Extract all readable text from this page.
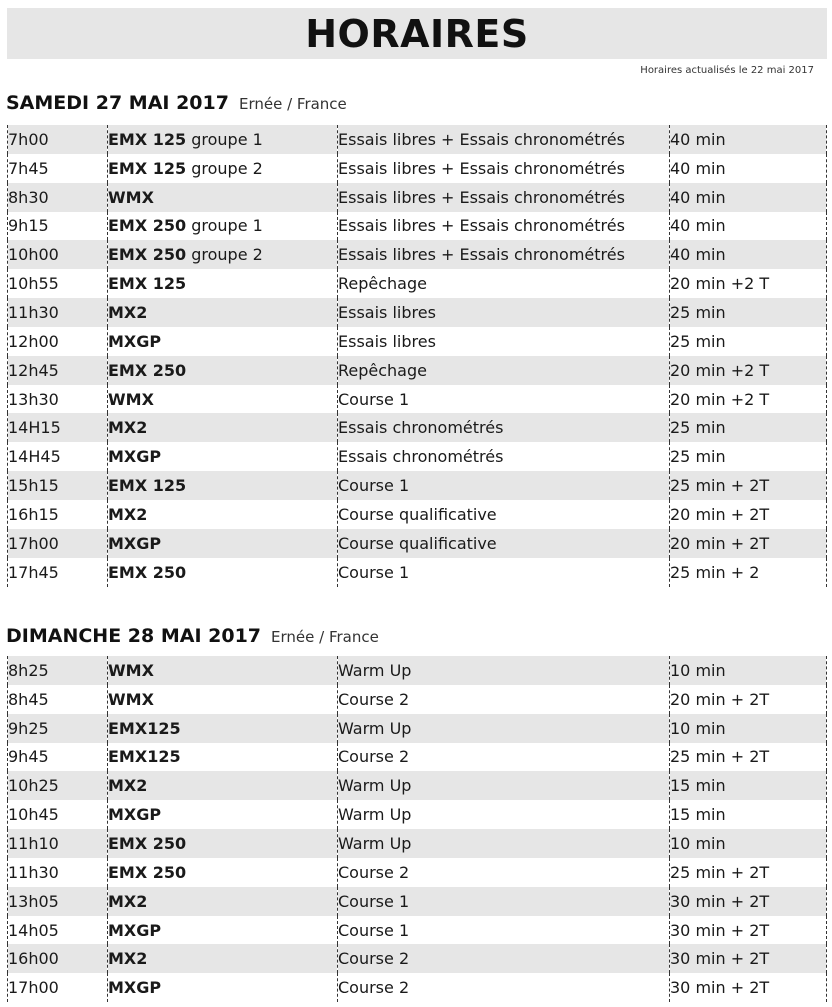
HORAIRES
Horaires actualisés le 22 mai 2017
SAMEDI 27 MAI 2017 Ernée / France
7h00	EMX 125 groupe 1	Essais libres + Essais chronométrés	40 min
7h45	EMX 125 groupe 2	Essais libres + Essais chronométrés	40 min
8h30	WMX	Essais libres + Essais chronométrés	40 min
9h15	EMX 250 groupe 1	Essais libres + Essais chronométrés	40 min
10h00	EMX 250 groupe 2	Essais libres + Essais chronométrés	40 min
10h55	EMX 125	Repêchage	20 min +2 T
11h30	MX2	Essais libres	25 min
12h00	MXGP	Essais libres	25 min
12h45	EMX 250	Repêchage	20 min +2 T
13h30	WMX	Course 1	20 min +2 T
14H15	MX2	Essais chronométrés	25 min
14H45	MXGP	Essais chronométrés	25 min
15h15	EMX 125	Course 1	25 min + 2T
16h15	MX2	Course qualificative	20 min + 2T
17h00	MXGP	Course qualificative	20 min + 2T
17h45	EMX 250	Course 1	25 min + 2
DIMANCHE 28 MAI 2017 Ernée / France
8h25	WMX	Warm Up	10 min
8h45	WMX	Course 2	20 min + 2T
9h25	EMX125	Warm Up	10 min
9h45	EMX125	Course 2	25 min + 2T
10h25	MX2	Warm Up	15 min
10h45	MXGP	Warm Up	15 min
11h10	EMX 250	Warm Up	10 min
11h30	EMX 250	Course 2	25 min + 2T
13h05	MX2	Course 1	30 min + 2T
14h05	MXGP	Course 1	30 min + 2T
16h00	MX2	Course 2	30 min + 2T
17h00	MXGP	Course 2	30 min + 2T
